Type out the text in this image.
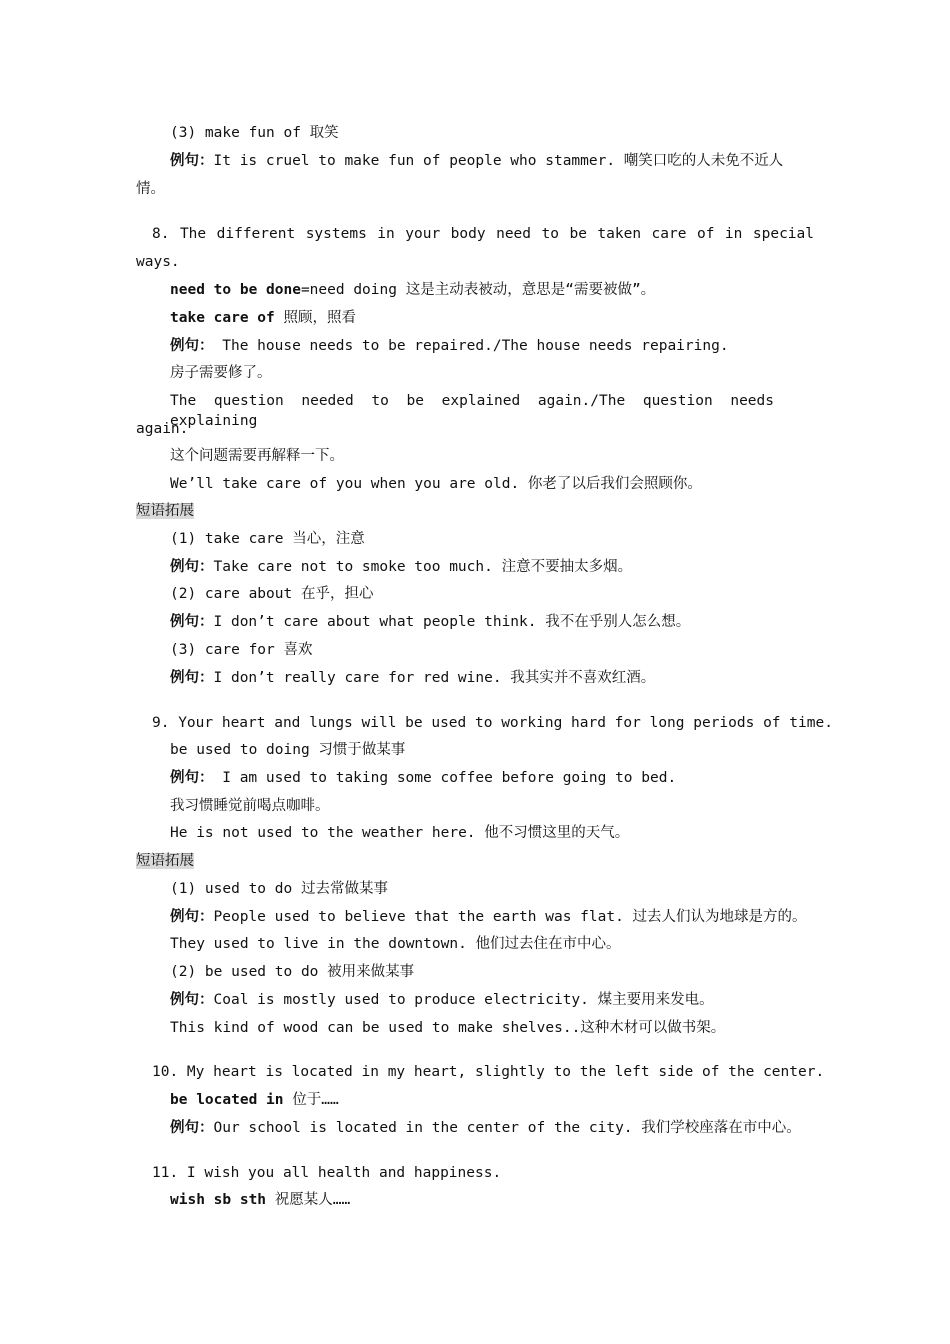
(3) make fun of 取笑
例句：It is cruel to make fun of people who stammer. 嘲笑口吃的人未免不近人
情。
8. The different systems in your body need to be taken care of in special
ways.
need to be done=need doing 这是主动表被动，意思是“需要被做”。
take care of 照顾，照看
例句： The house needs to be repaired./The house needs repairing.
房子需要修了。
The question needed to be explained again./The question needs explaining
again.
这个问题需要再解释一下。
We’ll take care of you when you are old. 你老了以后我们会照顾你。
短语拓展
(1) take care 当心，注意
例句：Take care not to smoke too much. 注意不要抽太多烟。
(2) care about 在乎，担心
例句：I don’t care about what people think. 我不在乎别人怎么想。
(3) care for 喜欢
例句：I don’t really care for red wine. 我其实并不喜欢红酒。
9. Your heart and lungs will be used to working hard for long periods of time.
be used to doing 习惯于做某事
例句： I am used to taking some coffee before going to bed.
我习惯睡觉前喝点咖啡。
He is not used to the weather here. 他不习惯这里的天气。
短语拓展
(1) used to do 过去常做某事
例句：People used to believe that the earth was flat. 过去人们认为地球是方的。
They used to live in the downtown. 他们过去住在市中心。
(2) be used to do 被用来做某事
例句：Coal is mostly used to produce electricity. 煤主要用来发电。
This kind of wood can be used to make shelves..这种木材可以做书架。
10. My heart is located in my heart, slightly to the left side of the center.
be located in 位于……
例句：Our school is located in the center of the city. 我们学校座落在市中心。
11. I wish you all health and happiness.
wish sb sth 祝愿某人……
